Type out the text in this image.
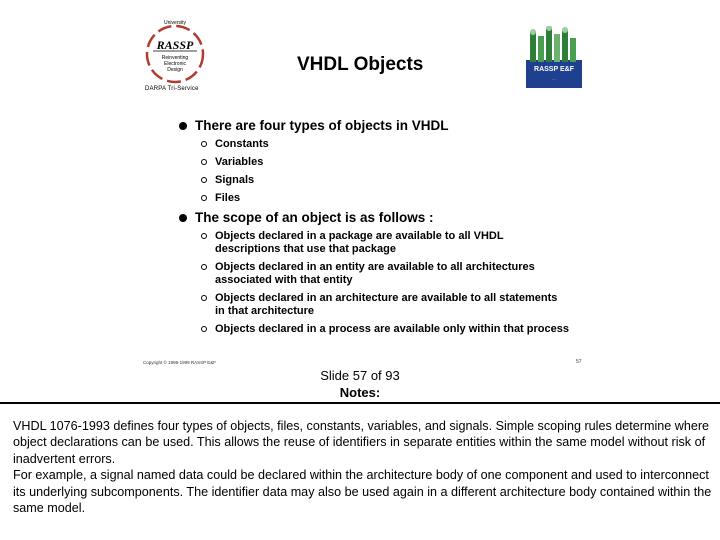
University
RASSP
Reinventing
Electronic
Design
DARPA Tri-Service
VHDL Objects	RASSP E&F
…
There are four types of objects in VHDL
Constants
Variables
Signals
Files
The scope of an object is as follows :
Objects declared in a package are available to all VHDL descriptions that use that package
Objects declared in an entity are available to all architectures associated with that entity
Objects declared in an architecture are available to all statements in that architecture
Objects declared in a process are available only within that process
Copyright © 1995-1999 RASSP E&F	57
Slide 57 of 93
Notes:

VHDL 1076-1993 defines four types of objects, files, constants, variables, and signals. Simple scoping rules determine where object declarations can be used. This allows the reuse of identifiers in separate entities within the same model without risk of inadvertent errors.

For example, a signal named data could be declared within the architecture body of one component and used to interconnect its underlying subcomponents. The identifier data may also be used again in a different architecture body contained within the same model.
